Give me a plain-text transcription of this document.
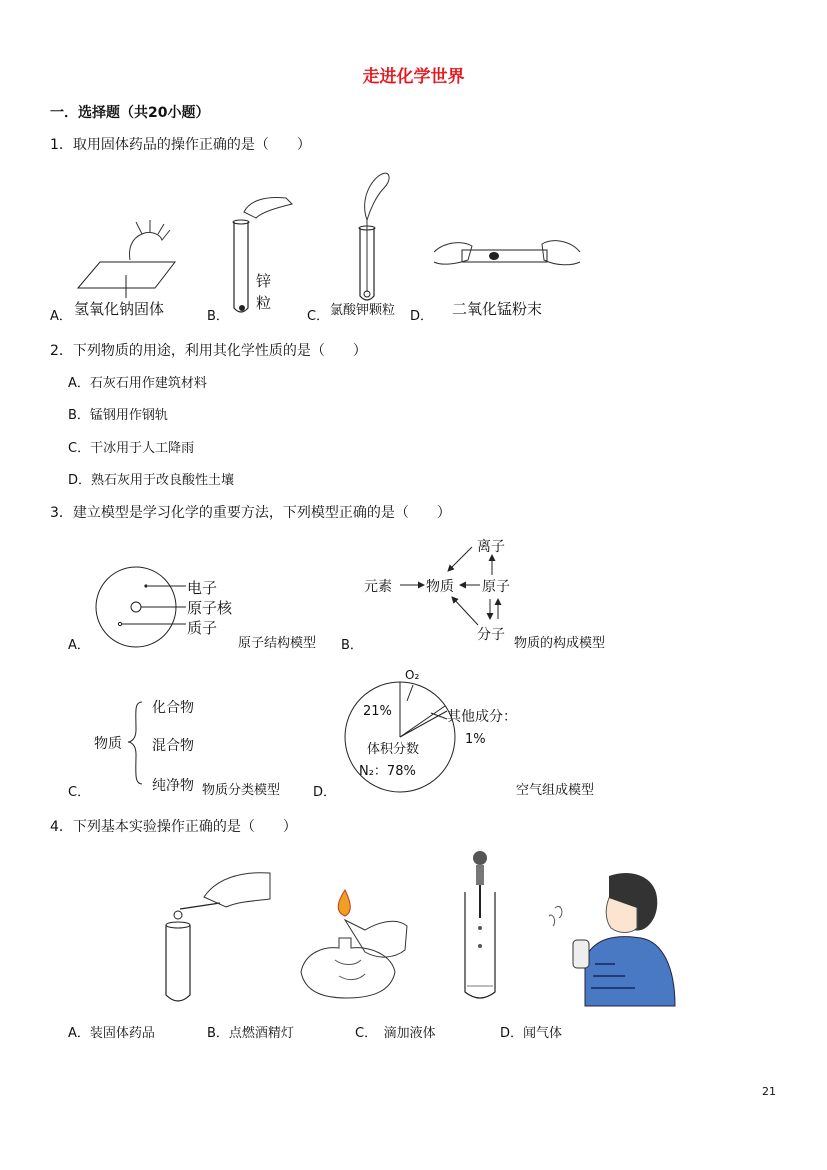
走进化学世界
一．选择题（共20小题）
1．取用固体药品的操作正确的是（　　）
A． 氢氧化钠固体	B．
锌
粒
C． 氯酸钾颗粒 D． 二氧化锰粉末
2．下列物质的用途，利用其化学性质的是（　　）
A．石灰石用作建筑材料
B．锰钢用作钢轨
C．干冰用于人工降雨
D．熟石灰用于改良酸性土壤
3．建立模型是学习化学的重要方法，下列模型正确的是（　　）
A．
电子
原子核
质子
原子结构模型 B．
离子
元素 物质 原子
分子
物质的构成模型
C．
物质
化合物
混合物
纯净物 物质分类模型	D．
O₂
21%	其他成分：
1%
体积分数
N₂：78%
空气组成模型
4．下列基本实验操作正确的是（　　）
A．装固体药品	B．点燃酒精灯	C．　滴加液体	D．闻气体
21
